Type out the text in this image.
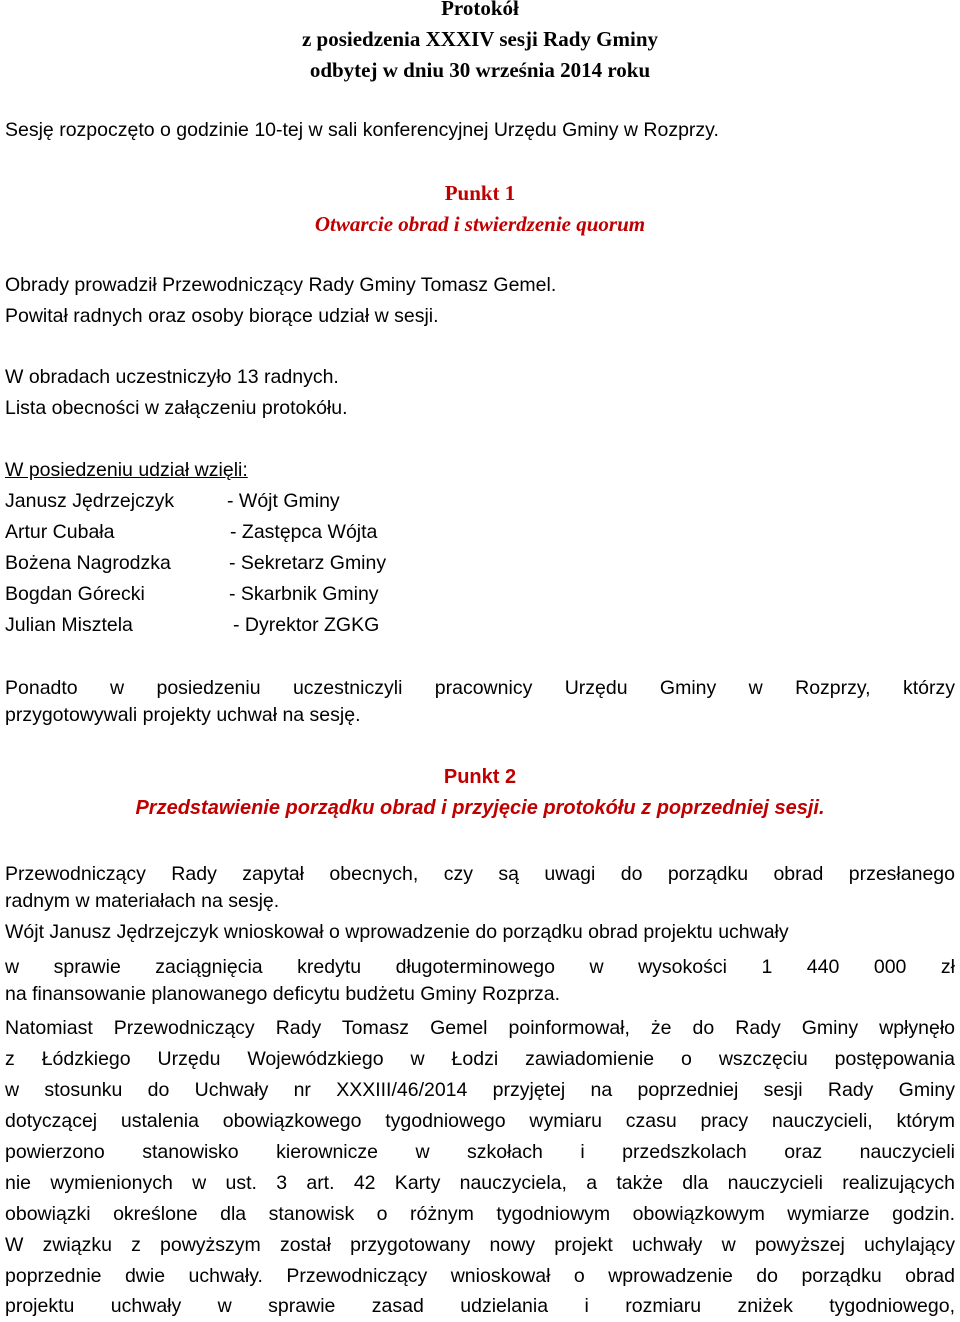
Protokół
z posiedzenia XXXIV sesji Rady Gminy
odbytej w dniu 30 września 2014 roku
Sesję rozpoczęto o godzinie 10-tej w sali konferencyjnej Urzędu Gminy w Rozprzy.
Punkt 1
Otwarcie obrad i stwierdzenie quorum
Obrady prowadził Przewodniczący Rady Gminy Tomasz Gemel.
Powitał radnych oraz osoby biorące udział w sesji.
W obradach uczestniczyło 13 radnych.
Lista obecności w załączeniu protokółu.
W posiedzeniu udział wzięli:
Janusz Jędrzejczyk	- Wójt Gminy
Artur Cubała	- Zastępca Wójta
Bożena Nagrodzka	- Sekretarz Gminy
Bogdan Górecki	- Skarbnik Gminy
Julian Misztela	- Dyrektor ZGKG
Ponadto w posiedzeniu uczestniczyli pracownicy Urzędu Gminy w Rozprzy, którzy
przygotowywali projekty uchwał na sesję.
Punkt 2
Przedstawienie porządku obrad i przyjęcie protokółu z poprzedniej sesji.
Przewodniczący Rady zapytał obecnych, czy są uwagi do porządku obrad przesłanego
radnym w materiałach na sesję.
Wójt Janusz Jędrzejczyk wnioskował o wprowadzenie do porządku obrad projektu uchwały
w sprawie zaciągnięcia kredytu długoterminowego w wysokości 1 440 000 zł
na finansowanie planowanego deficytu budżetu Gminy Rozprza.
Natomiast Przewodniczący Rady Tomasz Gemel poinformował, że do Rady Gminy wpłynęło
z Łódzkiego Urzędu Wojewódzkiego w Łodzi zawiadomienie o wszczęciu postępowania
w stosunku do Uchwały nr XXXIII/46/2014 przyjętej na poprzedniej sesji Rady Gminy
dotyczącej ustalenia obowiązkowego tygodniowego wymiaru czasu pracy nauczycieli, którym
powierzono stanowisko kierownicze w szkołach i przedszkolach oraz nauczycieli
nie wymienionych w ust. 3 art. 42 Karty nauczyciela, a także dla nauczycieli realizujących
obowiązki określone dla stanowisk o różnym tygodniowym obowiązkowym wymiarze godzin.
W związku z powyższym został przygotowany nowy projekt uchwały w powyższej uchylający
poprzednie dwie uchwały. Przewodniczący wnioskował o wprowadzenie do porządku obrad
projektu uchwały w sprawie zasad udzielania i rozmiaru zniżek tygodniowego,
